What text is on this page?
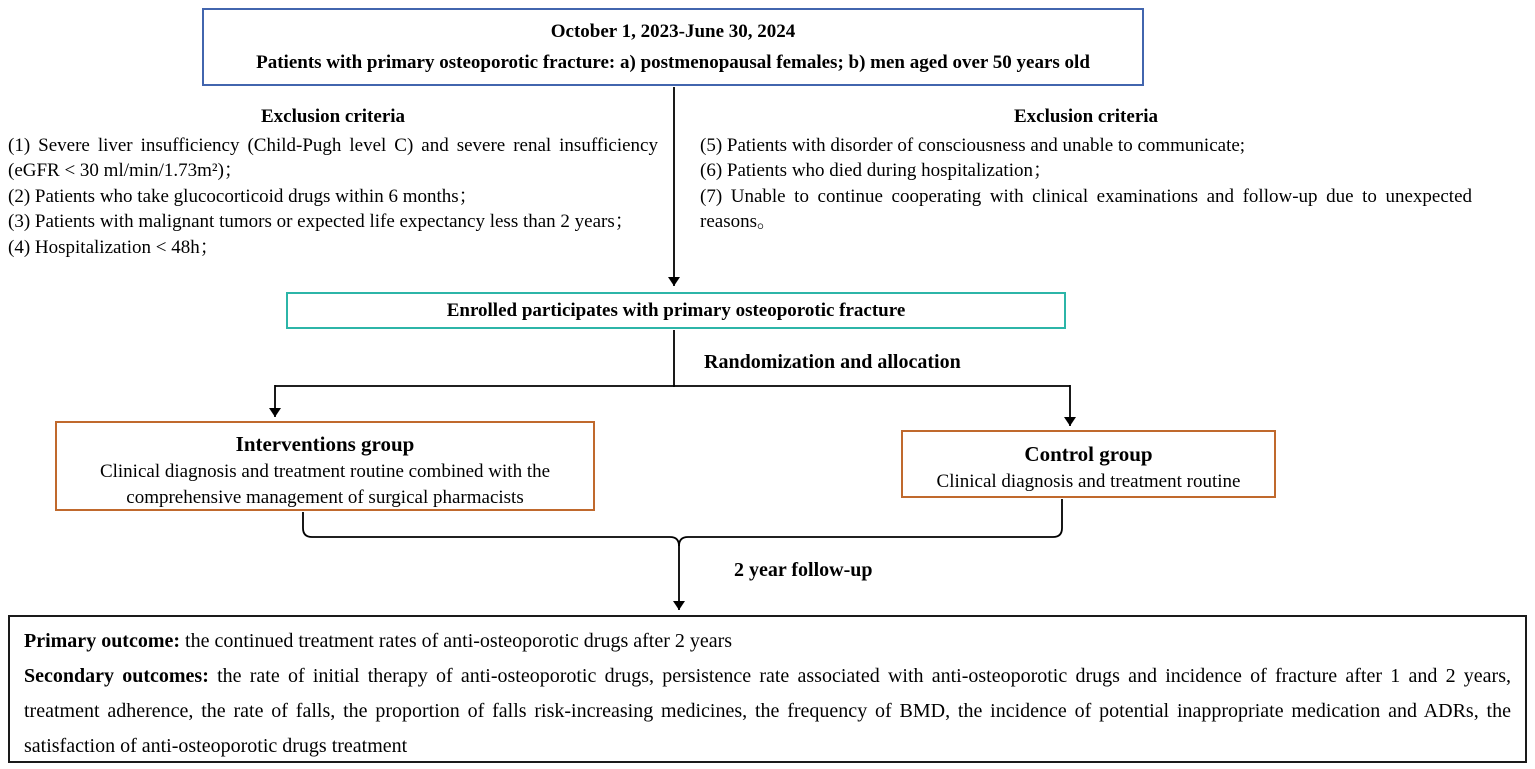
October 1, 2023-June 30, 2024
Patients with primary osteoporotic fracture: a) postmenopausal females; b) men aged over 50 years old
Exclusion criteria
(1) Severe liver insufficiency (Child-Pugh level C) and severe renal insufficiency (eGFR < 30 ml/min/1.73m²)；
(2) Patients who take glucocorticoid drugs within 6 months；
(3) Patients with malignant tumors or expected life expectancy less than 2 years；
(4) Hospitalization < 48h；
Exclusion criteria
(5) Patients with disorder of consciousness and unable to communicate;
(6) Patients who died during hospitalization；
(7) Unable to continue cooperating with clinical examinations and follow-up due to unexpected reasons。
Enrolled participates with primary osteoporotic fracture
Randomization and allocation
Interventions group
Clinical diagnosis and treatment routine combined with the comprehensive management of surgical pharmacists
Control group
Clinical diagnosis and treatment routine
2 year follow-up

Primary outcome: the continued treatment rates of anti-osteoporotic drugs after 2 years

Secondary outcomes: the rate of initial therapy of anti-osteoporotic drugs, persistence rate associated with anti-osteoporotic drugs and incidence of fracture after 1 and 2 years, treatment adherence, the rate of falls, the proportion of falls risk-increasing medicines, the frequency of BMD, the incidence of potential inappropriate medication and ADRs, the satisfaction of anti-osteoporotic drugs treatment
